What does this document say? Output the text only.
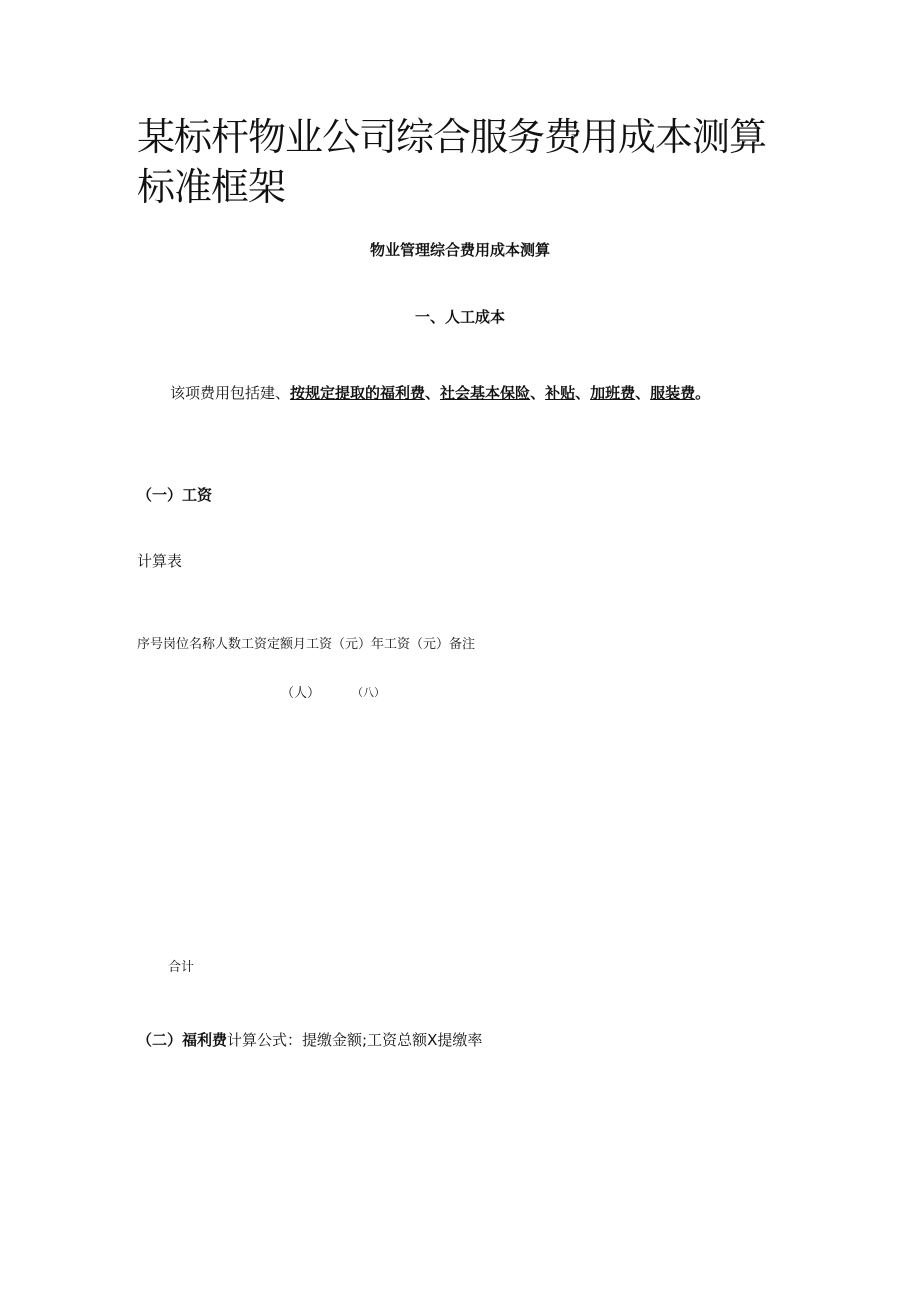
某标杆物业公司综合服务费用成本测算标准框架
物业管理综合费用成本测算
一、人工成本
该项费用包括建、按规定提取的福利费、社会基本保险、补贴、加班费、服装费。
（一）工资
计算表
序号岗位名称人数工资定额月工资（元）年工资（元）备注
（人）	（八）
合计
（二）福利费计算公式：提缴金额;工资总额X提缴率
